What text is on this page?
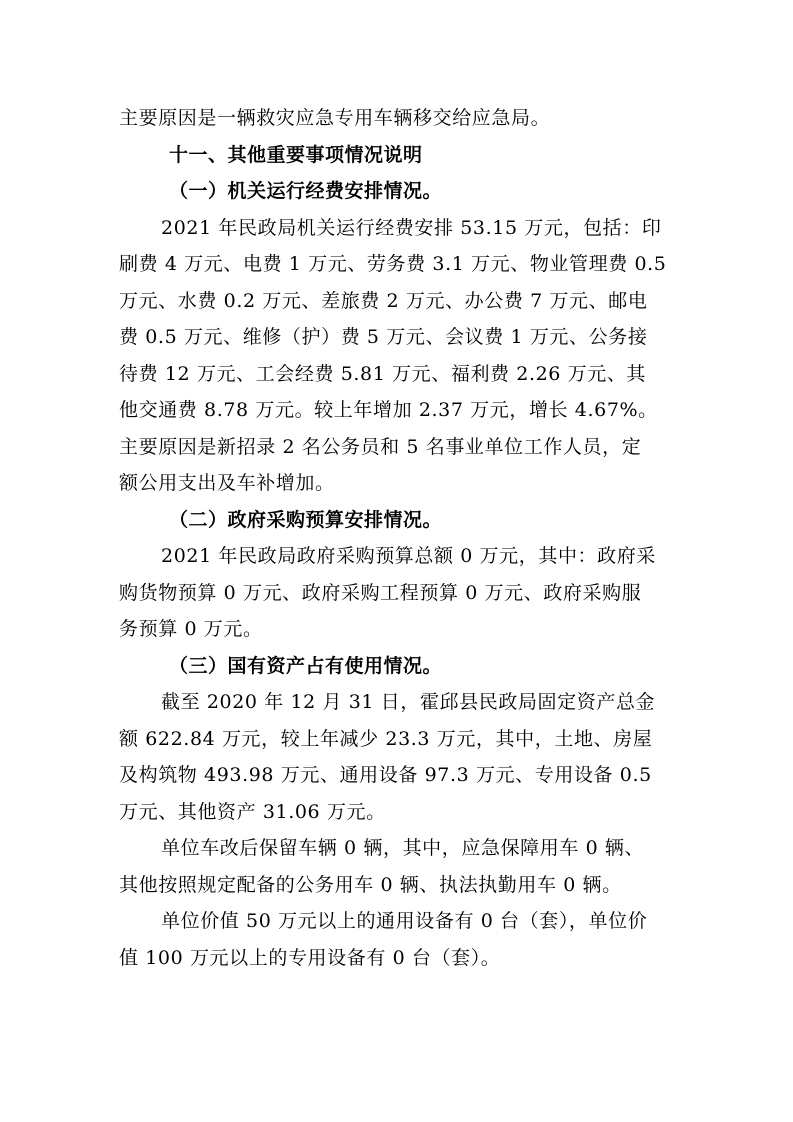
主要原因是一辆救灾应急专用车辆移交给应急局。
十一、其他重要事项情况说明
（一）机关运行经费安排情况。
2021 年民政局机关运行经费安排 53.15 万元，包括：印
刷费 4 万元、电费 1 万元、劳务费 3.1 万元、物业管理费 0.5
万元、水费 0.2 万元、差旅费 2 万元、办公费 7 万元、邮电
费 0.5 万元、维修（护）费 5 万元、会议费 1 万元、公务接
待费 12 万元、工会经费 5.81 万元、福利费 2.26 万元、其
他交通费 8.78 万元。较上年增加 2.37 万元，增长 4.67%。
主要原因是新招录 2 名公务员和 5 名事业单位工作人员，定
额公用支出及车补增加。
（二）政府采购预算安排情况。
2021 年民政局政府采购预算总额 0 万元，其中：政府采
购货物预算 0 万元、政府采购工程预算 0 万元、政府采购服
务预算 0 万元。
（三）国有资产占有使用情况。
截至 2020 年 12 月 31 日，霍邱县民政局固定资产总金
额 622.84 万元，较上年减少 23.3 万元，其中，土地、房屋
及构筑物 493.98 万元、通用设备 97.3 万元、专用设备 0.5
万元、其他资产 31.06 万元。
单位车改后保留车辆 0 辆，其中，应急保障用车 0 辆、
其他按照规定配备的公务用车 0 辆、执法执勤用车 0 辆。
单位价值 50 万元以上的通用设备有 0 台（套），单位价
值 100 万元以上的专用设备有 0 台（套）。
